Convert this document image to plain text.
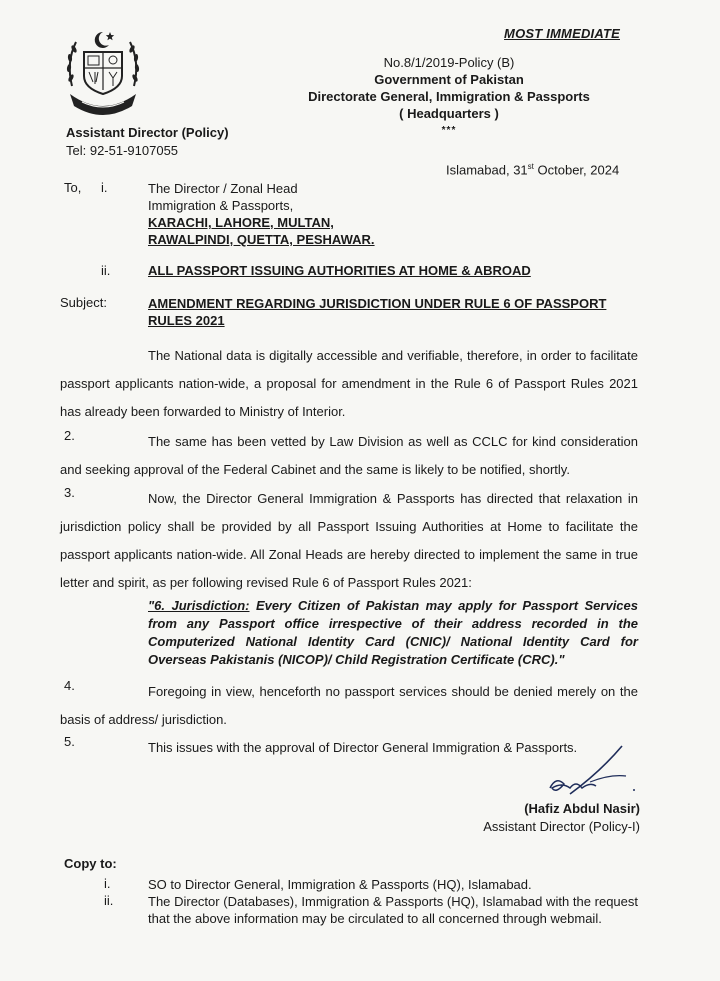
MOST IMMEDIATE
No.8/1/2019-Policy (B)
Government of Pakistan
Directorate General, Immigration & Passports
( Headquarters )
***
Assistant Director (Policy)
Tel: 92-51-9107055
Islamabad, 31st October, 2024
To, i.	The Director / Zonal Head
Immigration & Passports,
KARACHI, LAHORE, MULTAN,
RAWALPINDI, QUETTA, PESHAWAR.
ii.	ALL PASSPORT ISSUING AUTHORITIES AT HOME & ABROAD
Subject:	AMENDMENT REGARDING JURISDICTION UNDER RULE 6 OF PASSPORT RULES 2021
The National data is digitally accessible and verifiable, therefore, in order to facilitate passport applicants nation-wide, a proposal for amendment in the Rule 6 of Passport Rules 2021 has already been forwarded to Ministry of Interior.
2.	The same has been vetted by Law Division as well as CCLC for kind consideration and seeking approval of the Federal Cabinet and the same is likely to be notified, shortly.
3.	Now, the Director General Immigration & Passports has directed that relaxation in jurisdiction policy shall be provided by all Passport Issuing Authorities at Home to facilitate the passport applicants nation-wide. All Zonal Heads are hereby directed to implement the same in true letter and spirit, as per following revised Rule 6 of Passport Rules 2021:
"6. Jurisdiction: Every Citizen of Pakistan may apply for Passport Services from any Passport office irrespective of their address recorded in the Computerized National Identity Card (CNIC)/ National Identity Card for Overseas Pakistanis (NICOP)/ Child Registration Certificate (CRC)."
4.	Foregoing in view, henceforth no passport services should be denied merely on the basis of address/ jurisdiction.
5.	This issues with the approval of Director General Immigration & Passports.
(Hafiz Abdul Nasir)
Assistant Director (Policy-I)
Copy to:
i.	SO to Director General, Immigration & Passports (HQ), Islamabad.
ii.	The Director (Databases), Immigration & Passports (HQ), Islamabad with the request that the above information may be circulated to all concerned through webmail.
